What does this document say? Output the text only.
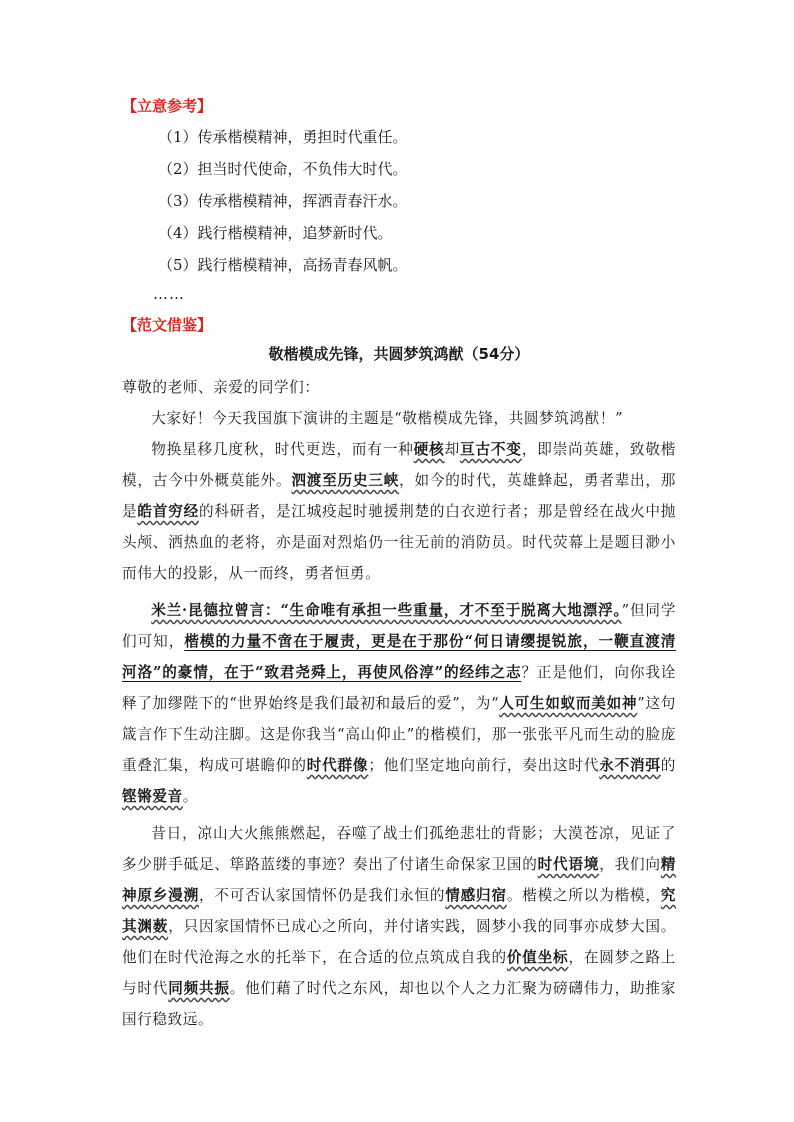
【立意参考】
（1）传承楷模精神，勇担时代重任。
（2）担当时代使命，不负伟大时代。
（3）传承楷模精神，挥洒青春汗水。
（4）践行楷模精神，追梦新时代。
（5）践行楷模精神，高扬青春风帆。
……
【范文借鉴】
敬楷模成先锋，共圆梦筑鸿猷（54分）

尊敬的老师、亲爱的同学们：

大家好！今天我国旗下演讲的主题是“敬楷模成先锋，共圆梦筑鸿猷！”

物换星移几度秋，时代更迭，而有一种硬核却亘古不变，即崇尚英雄，致敬楷模，古今中外概莫能外。泗渡至历史三峡，如今的时代，英雄蜂起，勇者辈出，那是皓首穷经的科研者，是江城疫起时驰援荆楚的白衣逆行者；那是曾经在战火中抛头颅、洒热血的老将，亦是面对烈焰仍一往无前的消防员。时代荧幕上是题目渺小而伟大的投影，从一而终，勇者恒勇。

米兰·昆德拉曾言：“生命唯有承担一些重量，才不至于脱离大地漂浮。”但同学们可知，楷模的力量不啻在于履责，更是在于那份“何日请缨提锐旅，一鞭直渡清河洛”的豪情，在于“致君尧舜上，再使风俗淳”的经纬之志？正是他们，向你我诠释了加缪陛下的“世界始终是我们最初和最后的爱”，为“人可生如蚁而美如神”这句箴言作下生动注脚。这是你我当“高山仰止”的楷模们，那一张张平凡而生动的脸庞重叠汇集，构成可堪瞻仰的时代群像；他们坚定地向前行，奏出这时代永不消弭的铿锵爱音。

昔日，凉山大火熊熊燃起，吞噬了战士们孤绝悲壮的背影；大漠苍凉，见证了多少胼手砥足、筚路蓝缕的事迹？奏出了付诸生命保家卫国的时代语境，我们向精神原乡漫溯，不可否认家国情怀仍是我们永恒的情感归宿。楷模之所以为楷模，究其渊薮，只因家国情怀已成心之所向，并付诸实践，圆梦小我的同事亦成梦大国。他们在时代沧海之水的托举下，在合适的位点筑成自我的价值坐标，在圆梦之路上与时代同频共振。他们藉了时代之东风，却也以个人之力汇聚为磅礴伟力，助推家国行稳致远。
